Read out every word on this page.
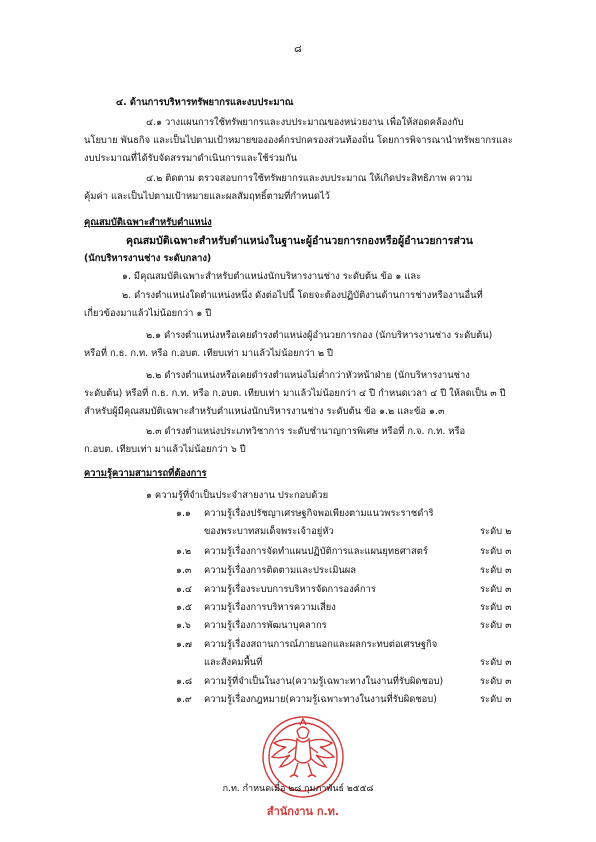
๘
๔. ด้านการบริหารทรัพยากรและงบประมาณ
๔.๑ วางแผนการใช้ทรัพยากรและงบประมาณของหน่วยงาน เพื่อให้สอดคล้องกับ
นโยบาย พันธกิจ และเป็นไปตามเป้าหมายขององค์กรปกครองส่วนท้องถิ่น โดยการพิจารณานำทรัพยากรและ
งบประมาณที่ได้รับจัดสรรมาดำเนินการและใช้ร่วมกัน
๔.๒ ติดตาม ตรวจสอบการใช้ทรัพยากรและงบประมาณ ให้เกิดประสิทธิภาพ ความ
คุ้มค่า และเป็นไปตามเป้าหมายและผลสัมฤทธิ์ตามที่กำหนดไว้
คุณสมบัติเฉพาะสำหรับตำแหน่ง
คุณสมบัติเฉพาะสำหรับตำแหน่งในฐานะผู้อำนวยการกองหรือผู้อำนวยการส่วน
(นักบริหารงานช่าง ระดับกลาง)
๑. มีคุณสมบัติเฉพาะสำหรับตำแหน่งนักบริหารงานช่าง ระดับต้น ข้อ ๑ และ
๒. ดำรงตำแหน่งใดตำแหน่งหนึ่ง ดังต่อไปนี้ โดยจะต้องปฏิบัติงานด้านการช่างหรืองานอื่นที่
เกี่ยวข้องมาแล้วไม่น้อยกว่า ๑ ปี
๒.๑ ดำรงตำแหน่งหรือเคยดำรงตำแหน่งผู้อำนวยการกอง (นักบริหารงานช่าง ระดับต้น)
หรือที่ ก.ธ. ก.ท. หรือ ก.อบต. เทียบเท่า มาแล้วไม่น้อยกว่า ๒ ปี
๒.๒ ดำรงตำแหน่งหรือเคยดำรงตำแหน่งไม่ต่ำกว่าหัวหน้าฝ่าย (นักบริหารงานช่าง
ระดับต้น) หรือที่ ก.ธ. ก.ท. หรือ ก.อบต. เทียบเท่า มาแล้วไม่น้อยกว่า ๔ ปี กำหนดเวลา ๔ ปี ให้ลดเป็น ๓ ปี
สำหรับผู้มีคุณสมบัติเฉพาะสำหรับตำแหน่งนักบริหารงานช่าง ระดับต้น ข้อ ๑.๒ และข้อ ๑.๓
๒.๓ ดำรงตำแหน่งประเภทวิชาการ ระดับชำนาญการพิเศษ หรือที่ ก.จ. ก.ท. หรือ
ก.อบต. เทียบเท่า มาแล้วไม่น้อยกว่า ๖ ปี
ความรู้ความสามารถที่ต้องการ
๑ ความรู้ที่จำเป็นประจำสายงาน ประกอบด้วย
๑.๑ ความรู้เรื่องปรัชญาเศรษฐกิจพอเพียงตามแนวพระราชดำริ
ของพระบาทสมเด็จพระเจ้าอยู่หัว	ระดับ ๒
๑.๒ ความรู้เรื่องการจัดทำแผนปฏิบัติการและแผนยุทธศาสตร์	ระดับ ๓
๑.๓ ความรู้เรื่องการติดตามและประเมินผล	ระดับ ๓
๑.๔ ความรู้เรื่องระบบการบริหารจัดการองค์การ	ระดับ ๓
๑.๕ ความรู้เรื่องการบริหารความเสี่ยง	ระดับ ๓
๑.๖ ความรู้เรื่องการพัฒนาบุคลากร	ระดับ ๓
๑.๗ ความรู้เรื่องสถานการณ์ภายนอกและผลกระทบต่อเศรษฐกิจ
และสังคมพื้นที่	ระดับ ๓
๑.๘ ความรู้ที่จำเป็นในงาน(ความรู้เฉพาะทางในงานที่รับผิดชอบ)	ระดับ ๓
๑.๙ ความรู้เรื่องกฎหมาย(ความรู้เฉพาะทางในงานที่รับผิดชอบ)	ระดับ ๓
สำนักงาน ก.ท.
ก.ท. กำหนดเมื่อ ๒๘ กุมภาพันธ์ ๒๕๕๘
